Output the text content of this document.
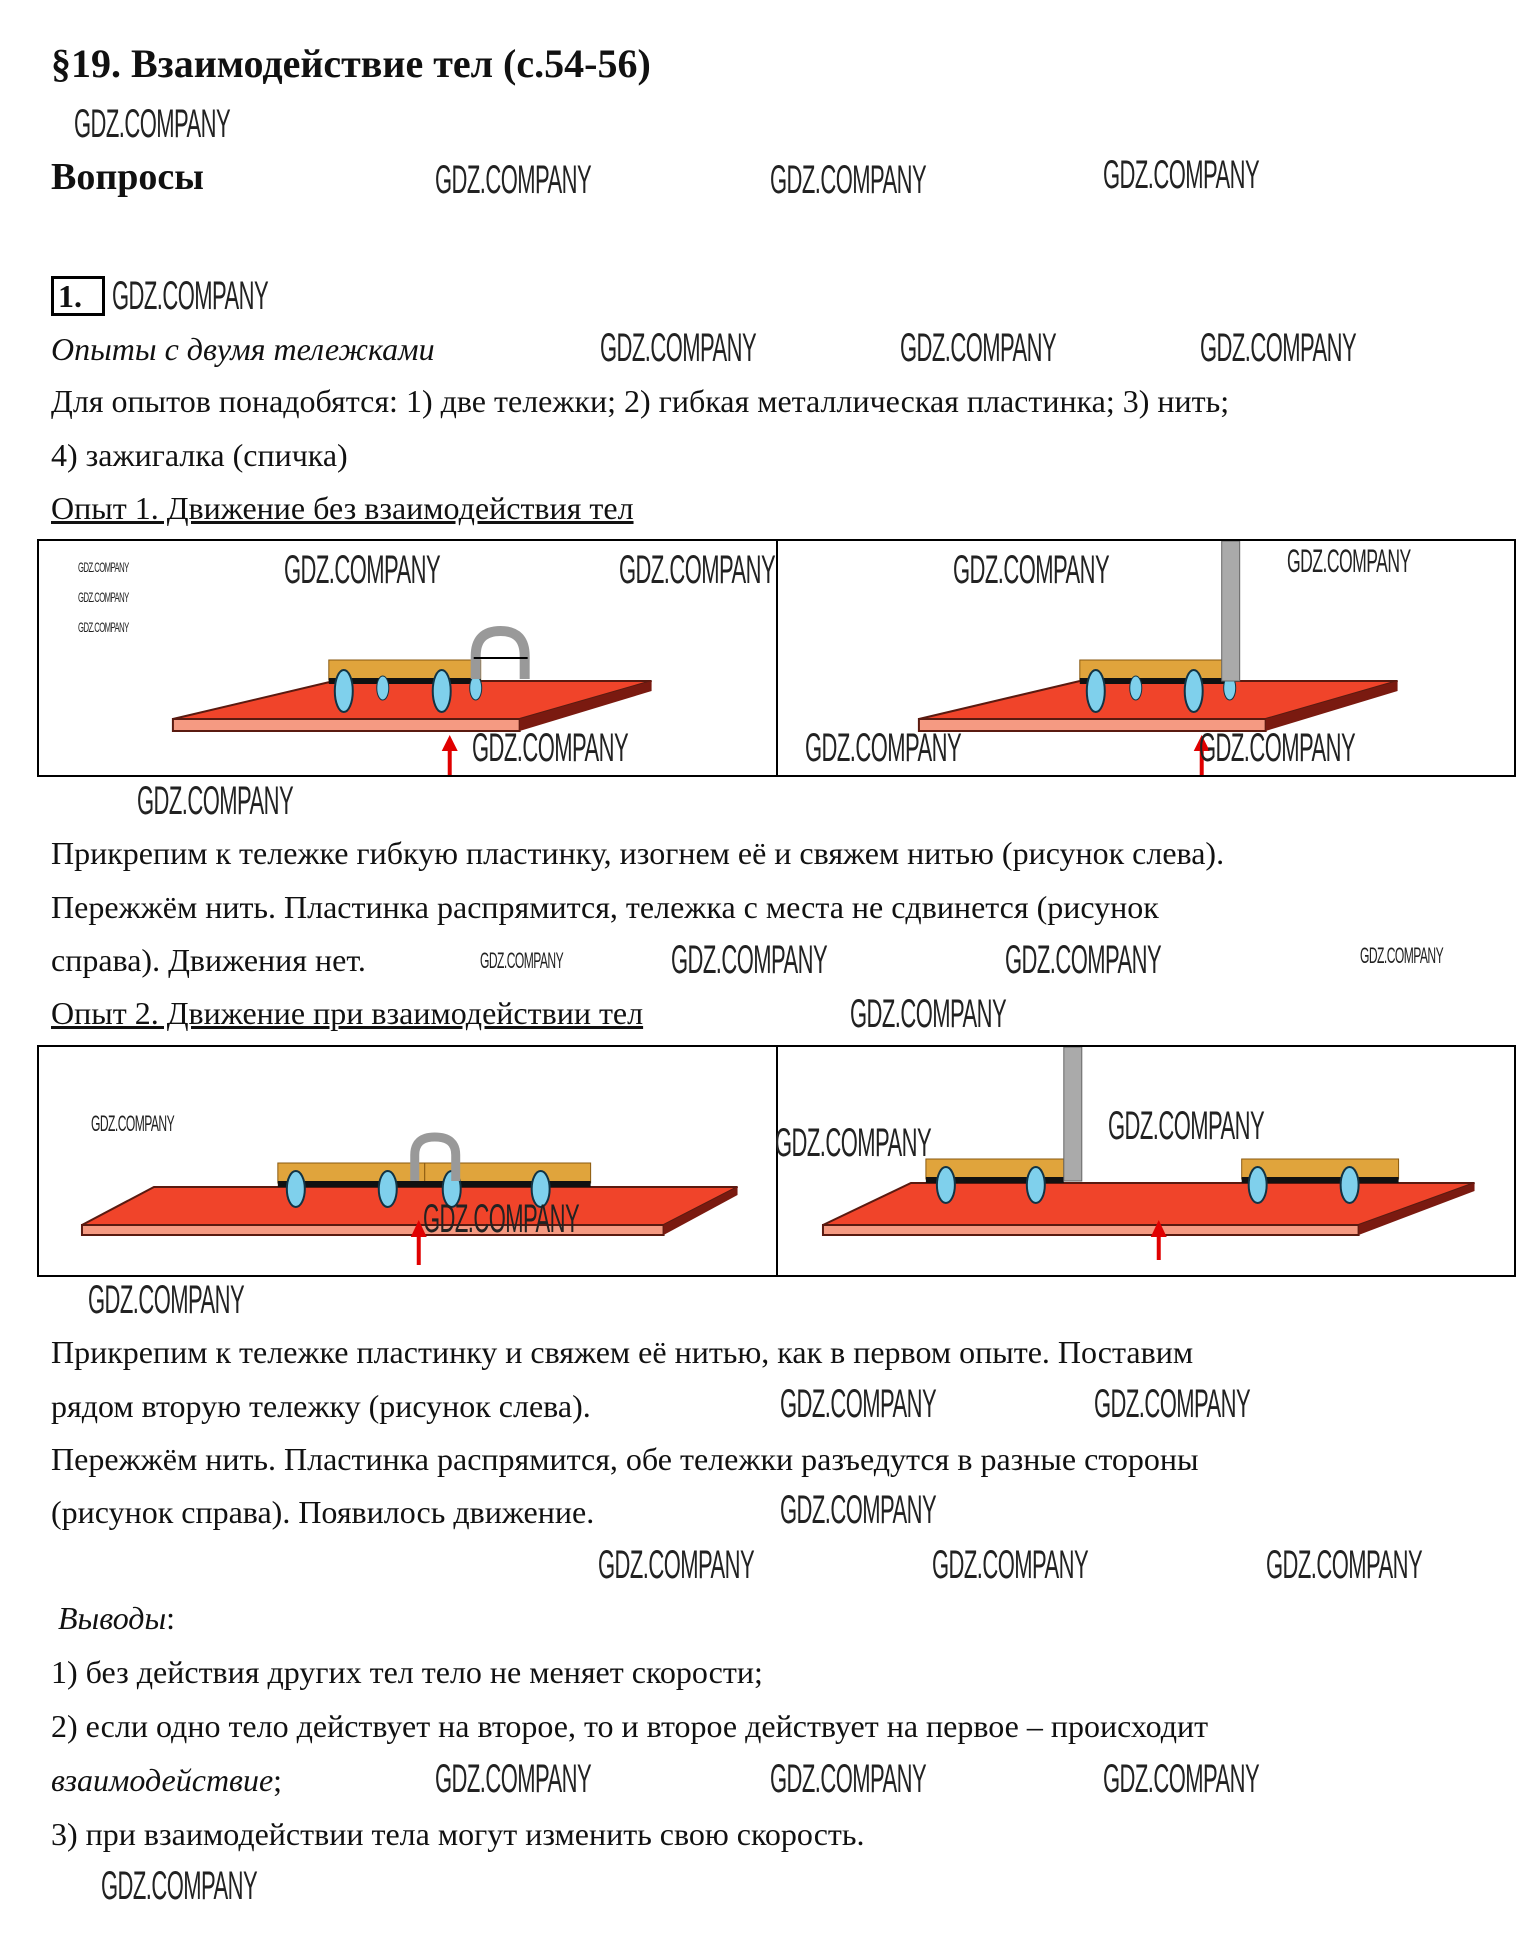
§19. Взаимодействие тел (с.54-56)
Вопросы
1.
Опыты с двумя тележками
Для опытов понадобятся: 1) две тележки; 2) гибкая металлическая пластинка; 3) нить;
4) зажигалка (спичка)
Опыт 1. Движение без взаимодействия тел
Прикрепим к тележке гибкую пластинку, изогнем её и свяжем нитью (рисунок слева).
Пережжём нить. Пластинка распрямится, тележка с места не сдвинется (рисунок
справа). Движения нет.
Опыт 2. Движение при взаимодействии тел
Прикрепим к тележке пластинку и свяжем её нитью, как в первом опыте. Поставим
рядом вторую тележку (рисунок слева).
Пережжём нить. Пластинка распрямится, обе тележки разъедутся в разные стороны
(рисунок справа). Появилось движение.
Выводы:
1) без действия других тел тело не меняет скорости;
2) если одно тело действует на второе, то и второе действует на первое – происходит
взаимодействие;
3) при взаимодействии тела могут изменить свою скорость.
GDZ.COMPANY
GDZ.COMPANY	GDZ.COMPANY	GDZ.COMPANY
GDZ.COMPANY
GDZ.COMPANY	GDZ.COMPANY	GDZ.COMPANY
GDZ.COMPANY
GDZ.COMPANY
GDZ.COMPANY
GDZ.COMPANY	GDZ.COMPANY	GDZ.COMPANY	GDZ.COMPANY
GDZ.COMPANY	GDZ.COMPANY	GDZ.COMPANY
GDZ.COMPANY
GDZ.COMPANY	GDZ.COMPANY	GDZ.COMPANY
GDZ.COMPANY
GDZ.COMPANY
GDZ.COMPANY	GDZ.COMPANY	GDZ.COMPANY
GDZ.COMPANY
GDZ.COMPANY
GDZ.COMPANY	GDZ.COMPANY
GDZ.COMPANY
GDZ.COMPANY	GDZ.COMPANY	GDZ.COMPANY
GDZ.COMPANY	GDZ.COMPANY	GDZ.COMPANY
GDZ.COMPANY
